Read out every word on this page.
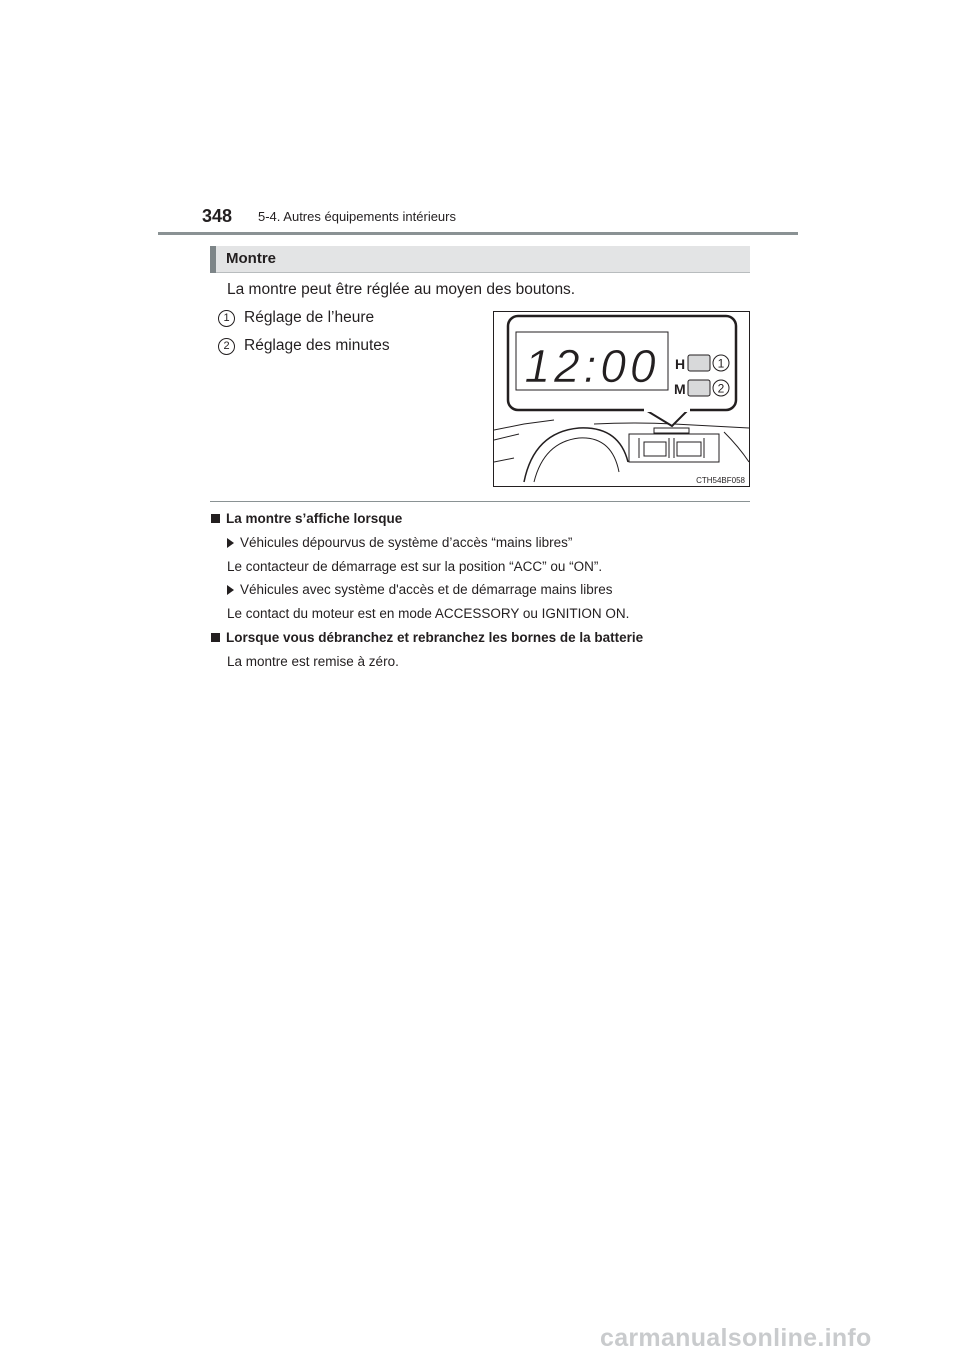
348 5-4. Autres équipements intérieurs
Montre
La montre peut être réglée au moyen des boutons.
1 Réglage de l’heure
2 Réglage des minutes	12:00 H	1
M	2
CTH54BF058
La montre s’affiche lorsque
Véhicules dépourvus de système d’accès “mains libres”
Le contacteur de démarrage est sur la position “ACC” ou “ON”.
Véhicules avec système d'accès et de démarrage mains libres
Le contact du moteur est en mode ACCESSORY ou IGNITION ON.
Lorsque vous débranchez et rebranchez les bornes de la batterie
La montre est remise à zéro.
carmanualsonline.info
